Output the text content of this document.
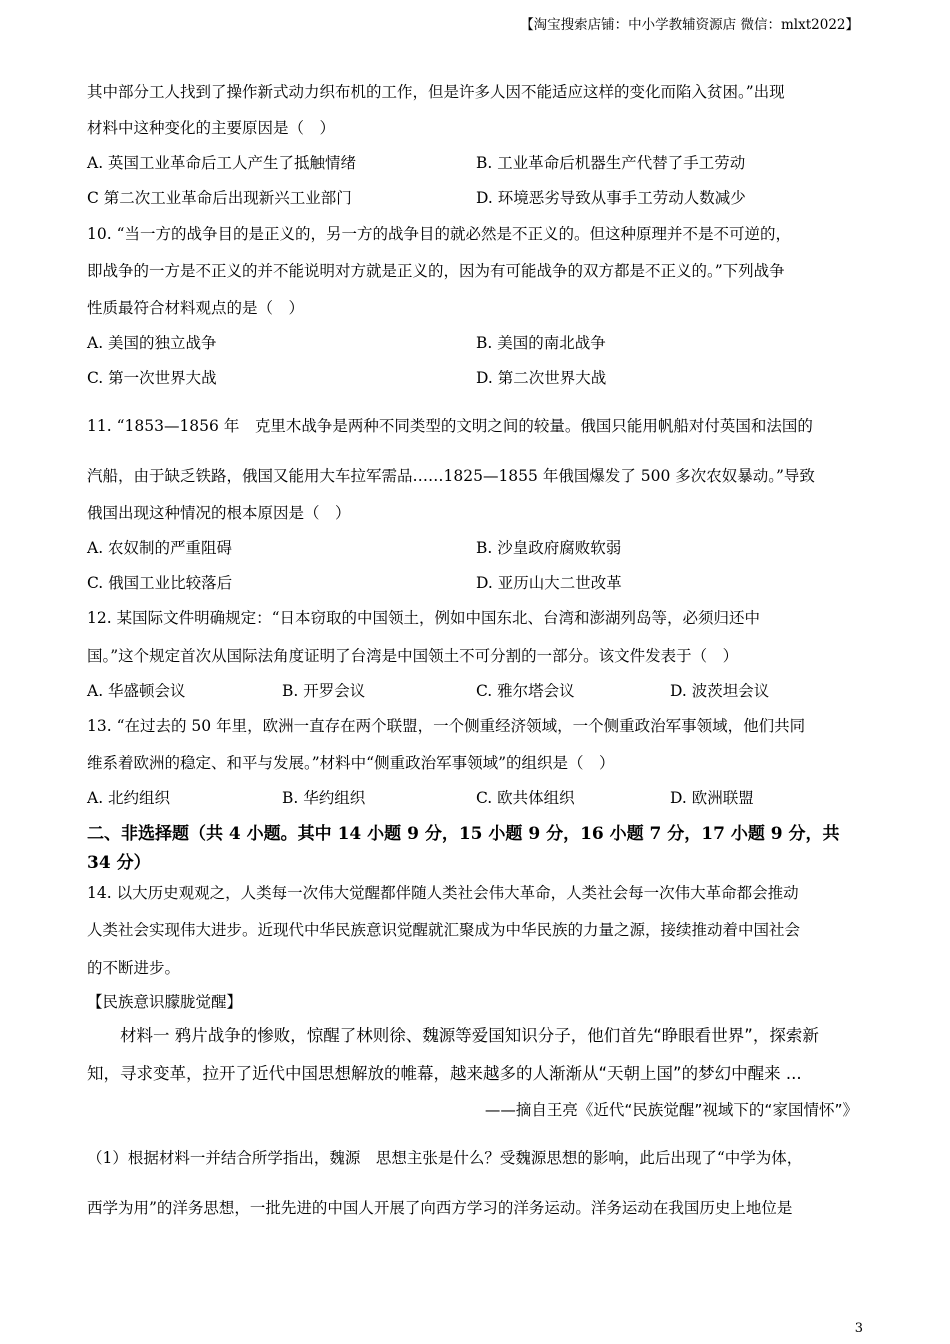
【淘宝搜索店铺：中小学教辅资源店 微信：mlxt2022】
其中部分工人找到了操作新式动力织布机的工作，但是许多人因不能适应这样的变化而陷入贫困。”出现
材料中这种变化的主要原因是（　）
A. 英国工业革命后工人产生了抵触情绪	B. 工业革命后机器生产代替了手工劳动
C 第二次工业革命后出现新兴工业部门	D. 环境恶劣导致从事手工劳动人数减少
10. “当一方的战争目的是正义的，另一方的战争目的就必然是不正义的。但这种原理并不是不可逆的，
即战争的一方是不正义的并不能说明对方就是正义的，因为有可能战争的双方都是不正义的。”下列战争
性质最符合材料观点的是（　）
A. 美国的独立战争	B. 美国的南北战争
C. 第一次世界大战	D. 第二次世界大战
11. “1853—1856 年　克里木战争是两种不同类型的文明之间的较量。俄国只能用帆船对付英国和法国的
汽船，由于缺乏铁路，俄国又能用大车拉军需品……1825—1855 年俄国爆发了 500 多次农奴暴动。”导致
俄国出现这种情况的根本原因是（　）
A. 农奴制的严重阻碍	B. 沙皇政府腐败软弱
C. 俄国工业比较落后	D. 亚历山大二世改革
12. 某国际文件明确规定：“日本窃取的中国领土，例如中国东北、台湾和澎湖列岛等，必须归还中
国。”这个规定首次从国际法角度证明了台湾是中国领土不可分割的一部分。该文件发表于（　）
A. 华盛顿会议	B. 开罗会议	C. 雅尔塔会议	D. 波茨坦会议
13. “在过去的 50 年里，欧洲一直存在两个联盟，一个侧重经济领域，一个侧重政治军事领域，他们共同
维系着欧洲的稳定、和平与发展。”材料中“侧重政治军事领域”的组织是（　）
A. 北约组织	B. 华约组织	C. 欧共体组织	D. 欧洲联盟
二、非选择题（共 4 小题。其中 14 小题 9 分，15 小题 9 分，16 小题 7 分，17 小题 9 分，共
34 分）
14. 以大历史观观之，人类每一次伟大觉醒都伴随人类社会伟大革命，人类社会每一次伟大革命都会推动
人类社会实现伟大进步。近现代中华民族意识觉醒就汇聚成为中华民族的力量之源，接续推动着中国社会
的不断进步。
【民族意识朦胧觉醒】
材料一 鸦片战争的惨败，惊醒了林则徐、魏源等爱国知识分子，他们首先“睁眼看世界”，探索新
知，寻求变革，拉开了近代中国思想解放的帷幕，越来越多的人渐渐从“天朝上国”的梦幻中醒来 ...
——摘自王亮《近代“民族觉醒”视域下的“家国情怀”》
（1）根据材料一并结合所学指出，魏源　思想主张是什么？受魏源思想的影响，此后出现了“中学为体，
西学为用”的洋务思想，一批先进的中国人开展了向西方学习的洋务运动。洋务运动在我国历史上地位是
3
